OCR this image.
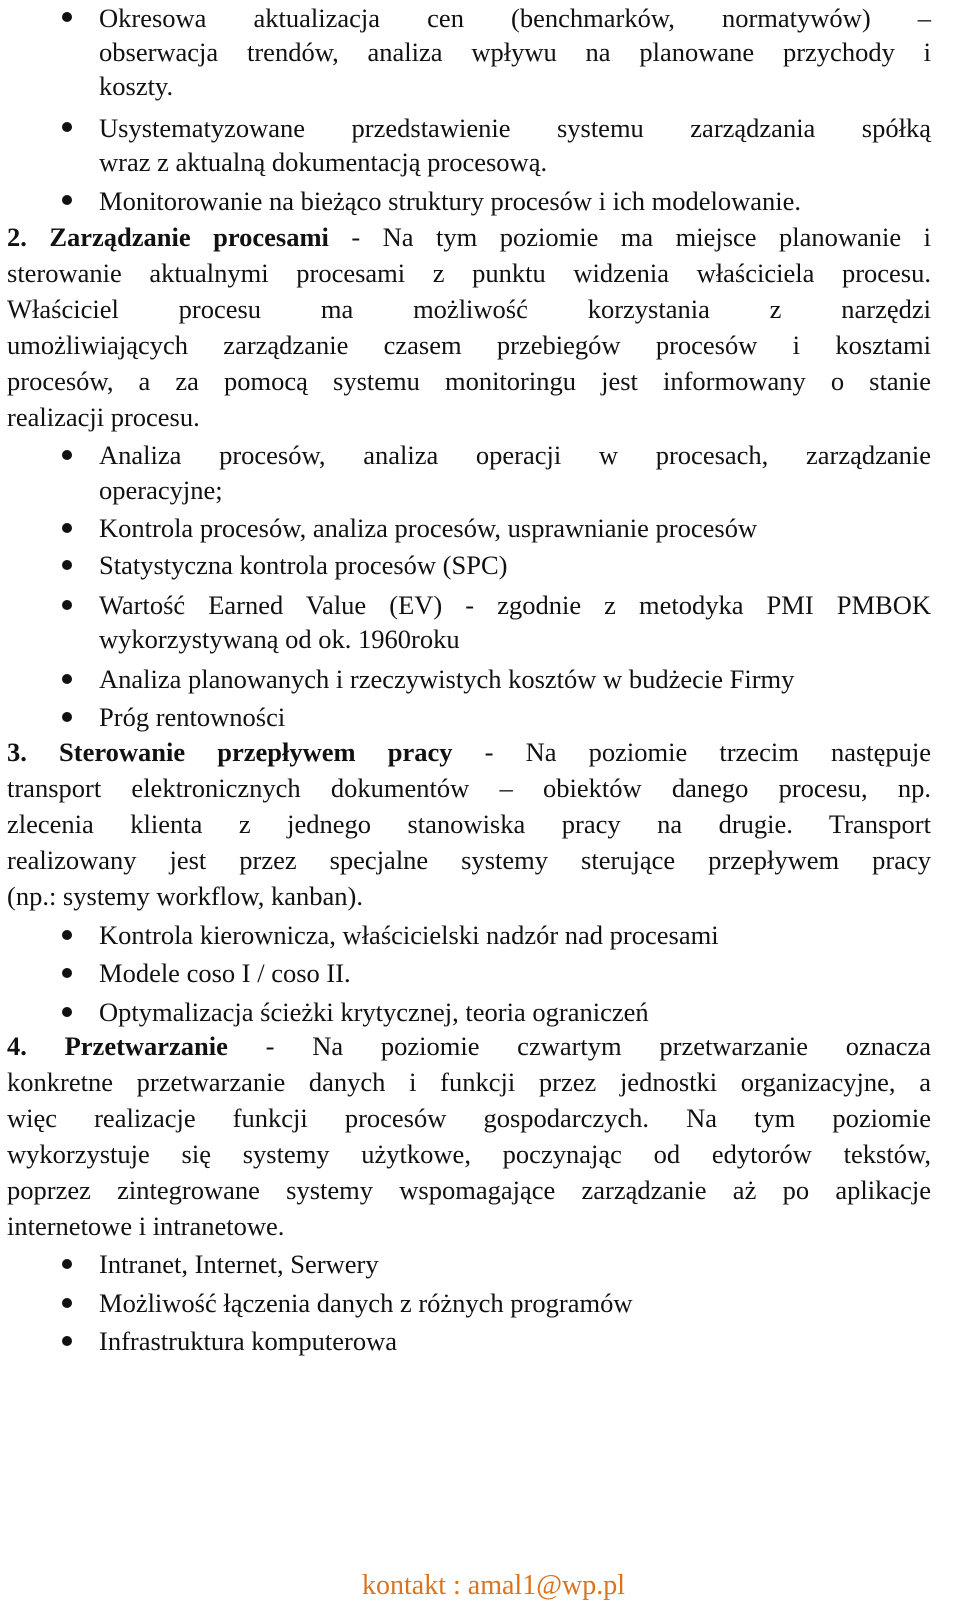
Okresowa aktualizacja cen (benchmarków, normatywów) –
obserwacja trendów, analiza wpływu na planowane przychody i
koszty.
Usystematyzowane przedstawienie systemu zarządzania spółką
wraz z aktualną dokumentacją procesową.
Monitorowanie na bieżąco struktury procesów i ich modelowanie.
2. Zarządzanie procesami - Na tym poziomie ma miejsce planowanie i
sterowanie aktualnymi procesami z punktu widzenia właściciela procesu.
Właściciel procesu ma możliwość korzystania z narzędzi
umożliwiających zarządzanie czasem przebiegów procesów i kosztami
procesów, a za pomocą systemu monitoringu jest informowany o stanie
realizacji procesu.
Analiza procesów, analiza operacji w procesach, zarządzanie
operacyjne;
Kontrola procesów, analiza procesów, usprawnianie procesów
Statystyczna kontrola procesów (SPC)
Wartość Earned Value (EV) - zgodnie z metodyka PMI PMBOK
wykorzystywaną od ok. 1960roku
Analiza planowanych i rzeczywistych kosztów w budżecie Firmy
Próg rentowności
3. Sterowanie przepływem pracy - Na poziomie trzecim następuje
transport elektronicznych dokumentów – obiektów danego procesu, np.
zlecenia klienta z jednego stanowiska pracy na drugie. Transport
realizowany jest przez specjalne systemy sterujące przepływem pracy
(np.: systemy workflow, kanban).
Kontrola kierownicza, właścicielski nadzór nad procesami
Modele coso I / coso II.
Optymalizacja ścieżki krytycznej, teoria ograniczeń
4. Przetwarzanie - Na poziomie czwartym przetwarzanie oznacza
konkretne przetwarzanie danych i funkcji przez jednostki organizacyjne, a
więc realizacje funkcji procesów gospodarczych. Na tym poziomie
wykorzystuje się systemy użytkowe, poczynając od edytorów tekstów,
poprzez zintegrowane systemy wspomagające zarządzanie aż po aplikacje
internetowe i intranetowe.
Intranet, Internet, Serwery
Możliwość łączenia danych z różnych programów
Infrastruktura komputerowa
kontakt : amal1@wp.pl
